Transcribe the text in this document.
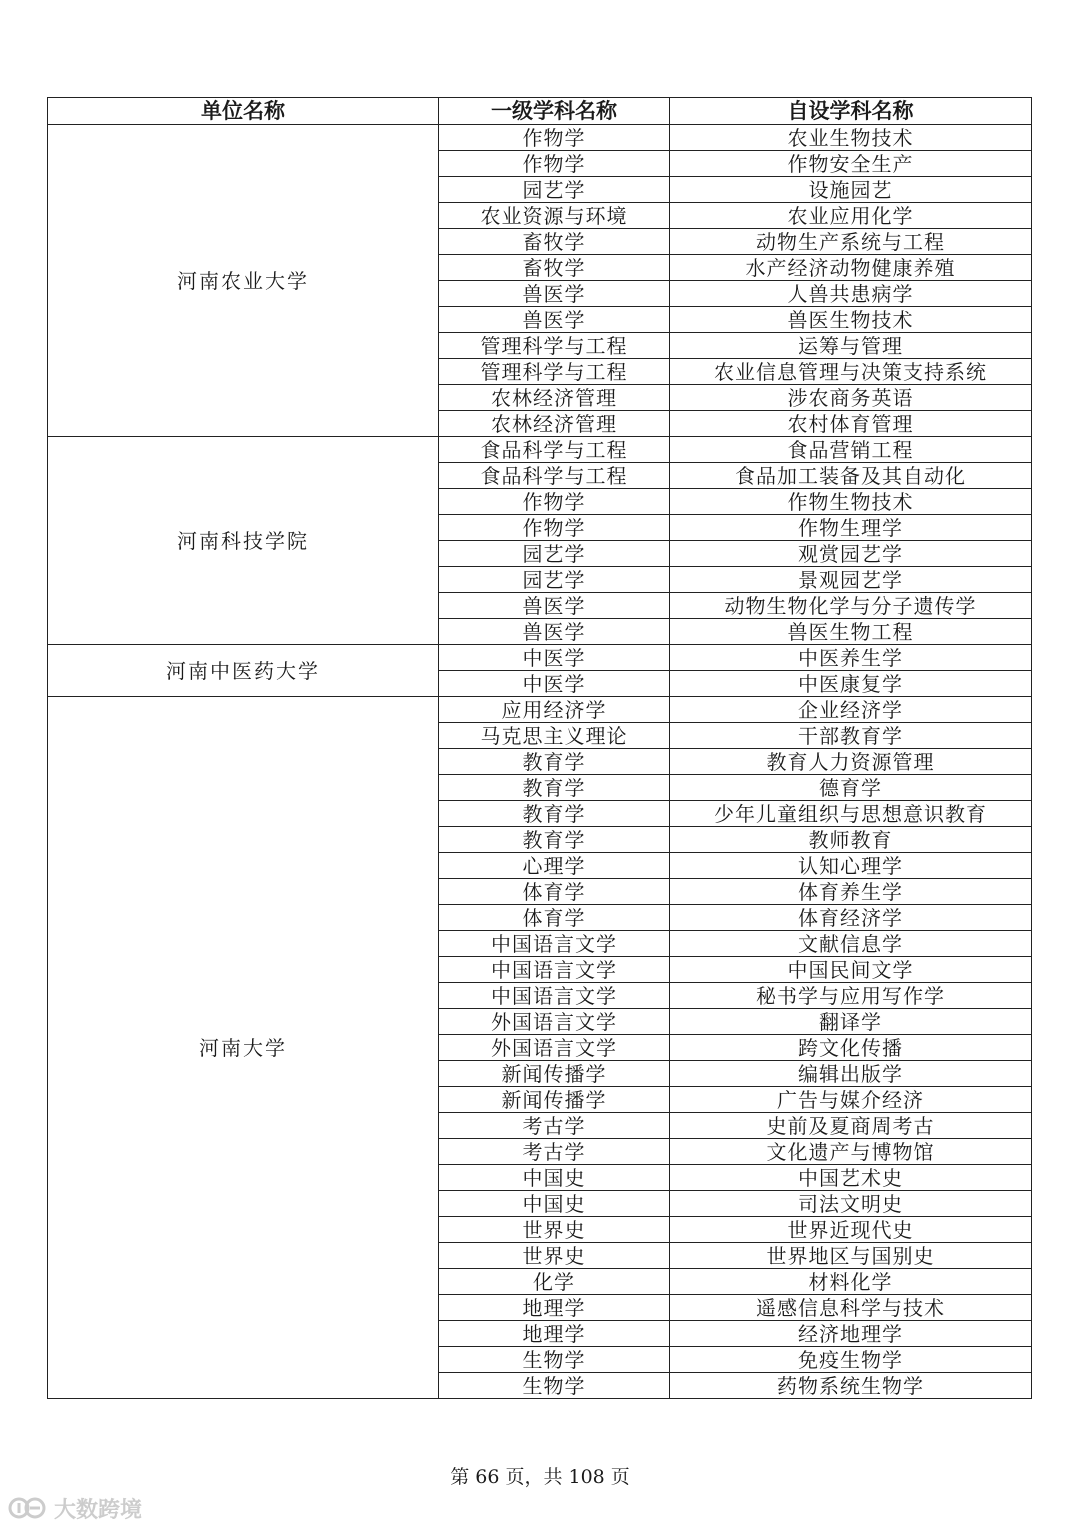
单位名称	一级学科名称	自设学科名称
河南农业大学	作物学	农业生物技术
	作物学	作物安全生产
	园艺学	设施园艺
	农业资源与环境	农业应用化学
	畜牧学	动物生产系统与工程
	畜牧学	水产经济动物健康养殖
	兽医学	人兽共患病学
	兽医学	兽医生物技术
	管理科学与工程	运筹与管理
	管理科学与工程	农业信息管理与决策支持系统
	农林经济管理	涉农商务英语
	农林经济管理	农村体育管理
河南科技学院	食品科学与工程	食品营销工程
	食品科学与工程	食品加工装备及其自动化
	作物学	作物生物技术
	作物学	作物生理学
	园艺学	观赏园艺学
	园艺学	景观园艺学
	兽医学	动物生物化学与分子遗传学
	兽医学	兽医生物工程
河南中医药大学	中医学	中医养生学
	中医学	中医康复学
河南大学	应用经济学	企业经济学
	马克思主义理论	干部教育学
	教育学	教育人力资源管理
	教育学	德育学
	教育学	少年儿童组织与思想意识教育
	教育学	教师教育
	心理学	认知心理学
	体育学	体育养生学
	体育学	体育经济学
	中国语言文学	文献信息学
	中国语言文学	中国民间文学
	中国语言文学	秘书学与应用写作学
	外国语言文学	翻译学
	外国语言文学	跨文化传播
	新闻传播学	编辑出版学
	新闻传播学	广告与媒介经济
	考古学	史前及夏商周考古
	考古学	文化遗产与博物馆
	中国史	中国艺术史
	中国史	司法文明史
	世界史	世界近现代史
	世界史	世界地区与国别史
	化学	材料化学
	地理学	遥感信息科学与技术
	地理学	经济地理学
	生物学	免疫生物学
	生物学	药物系统生物学
第 66 页，共 108 页
大数跨境
